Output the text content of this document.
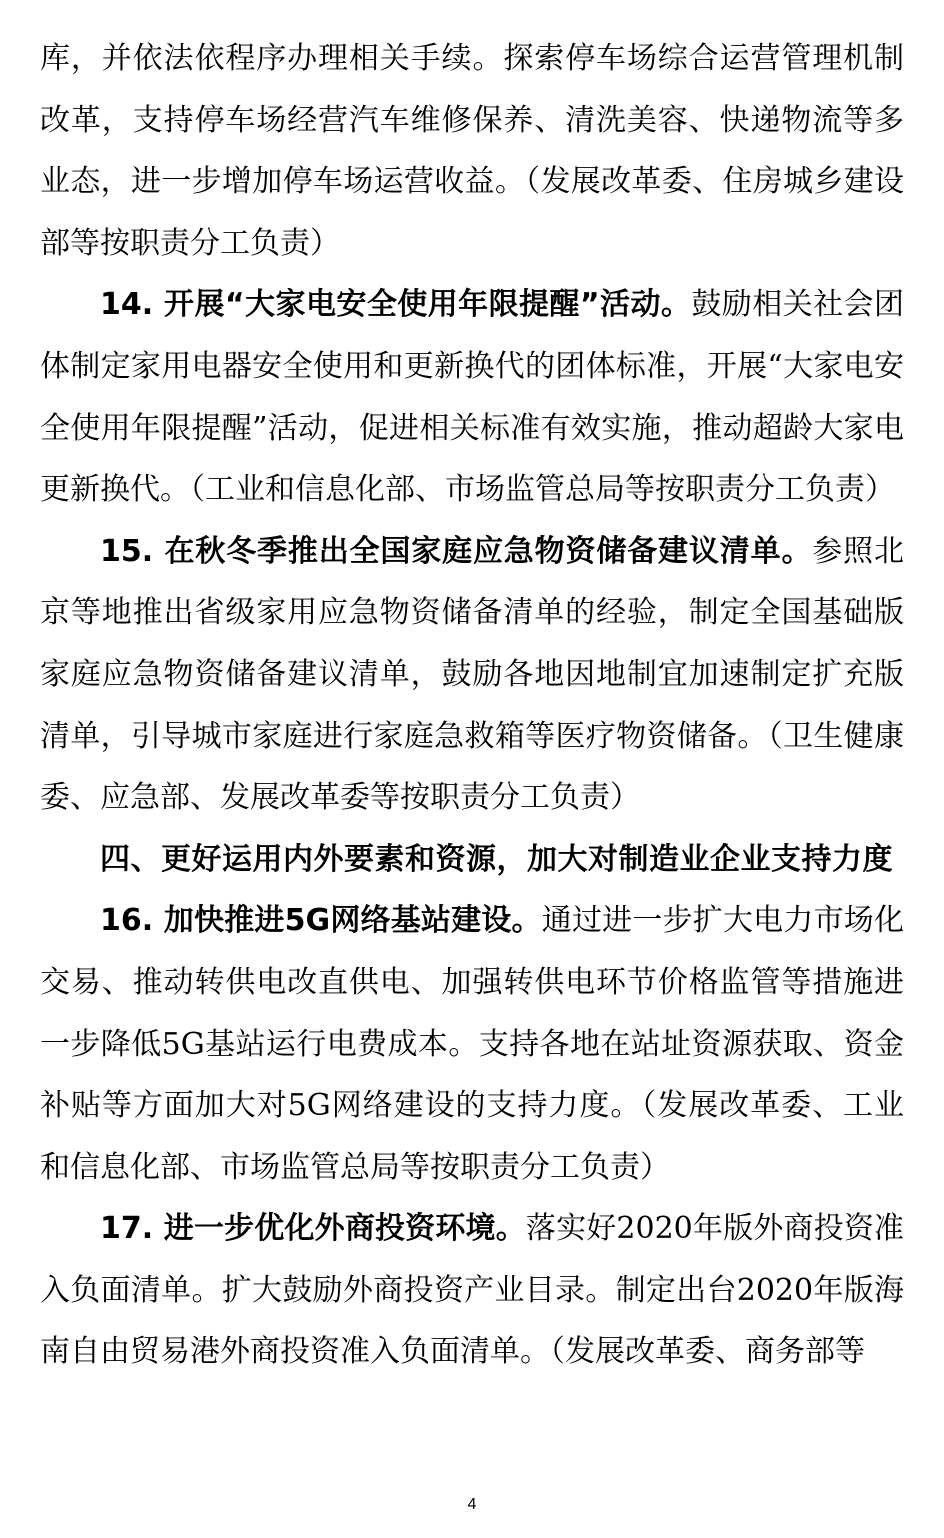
库，并依法依程序办理相关手续。探索停车场综合运营管理机制改革，支持停车场经营汽车维修保养、清洗美容、快递物流等多业态，进一步增加停车场运营收益。（发展改革委、住房城乡建设部等按职责分工负责）

14. 开展“大家电安全使用年限提醒”活动。鼓励相关社会团体制定家用电器安全使用和更新换代的团体标准，开展“大家电安全使用年限提醒”活动，促进相关标准有效实施，推动超龄大家电更新换代。（工业和信息化部、市场监管总局等按职责分工负责）

15. 在秋冬季推出全国家庭应急物资储备建议清单。参照北京等地推出省级家用应急物资储备清单的经验，制定全国基础版家庭应急物资储备建议清单，鼓励各地因地制宜加速制定扩充版清单，引导城市家庭进行家庭急救箱等医疗物资储备。（卫生健康委、应急部、发展改革委等按职责分工负责）

四、更好运用内外要素和资源，加大对制造业企业支持力度

16. 加快推进5G网络基站建设。通过进一步扩大电力市场化交易、推动转供电改直供电、加强转供电环节价格监管等措施进一步降低5G基站运行电费成本。支持各地在站址资源获取、资金补贴等方面加大对5G网络建设的支持力度。（发展改革委、工业和信息化部、市场监管总局等按职责分工负责）

17. 进一步优化外商投资环境。落实好2020年版外商投资准入负面清单。扩大鼓励外商投资产业目录。制定出台2020年版海南自由贸易港外商投资准入负面清单。（发展改革委、商务部等

4
